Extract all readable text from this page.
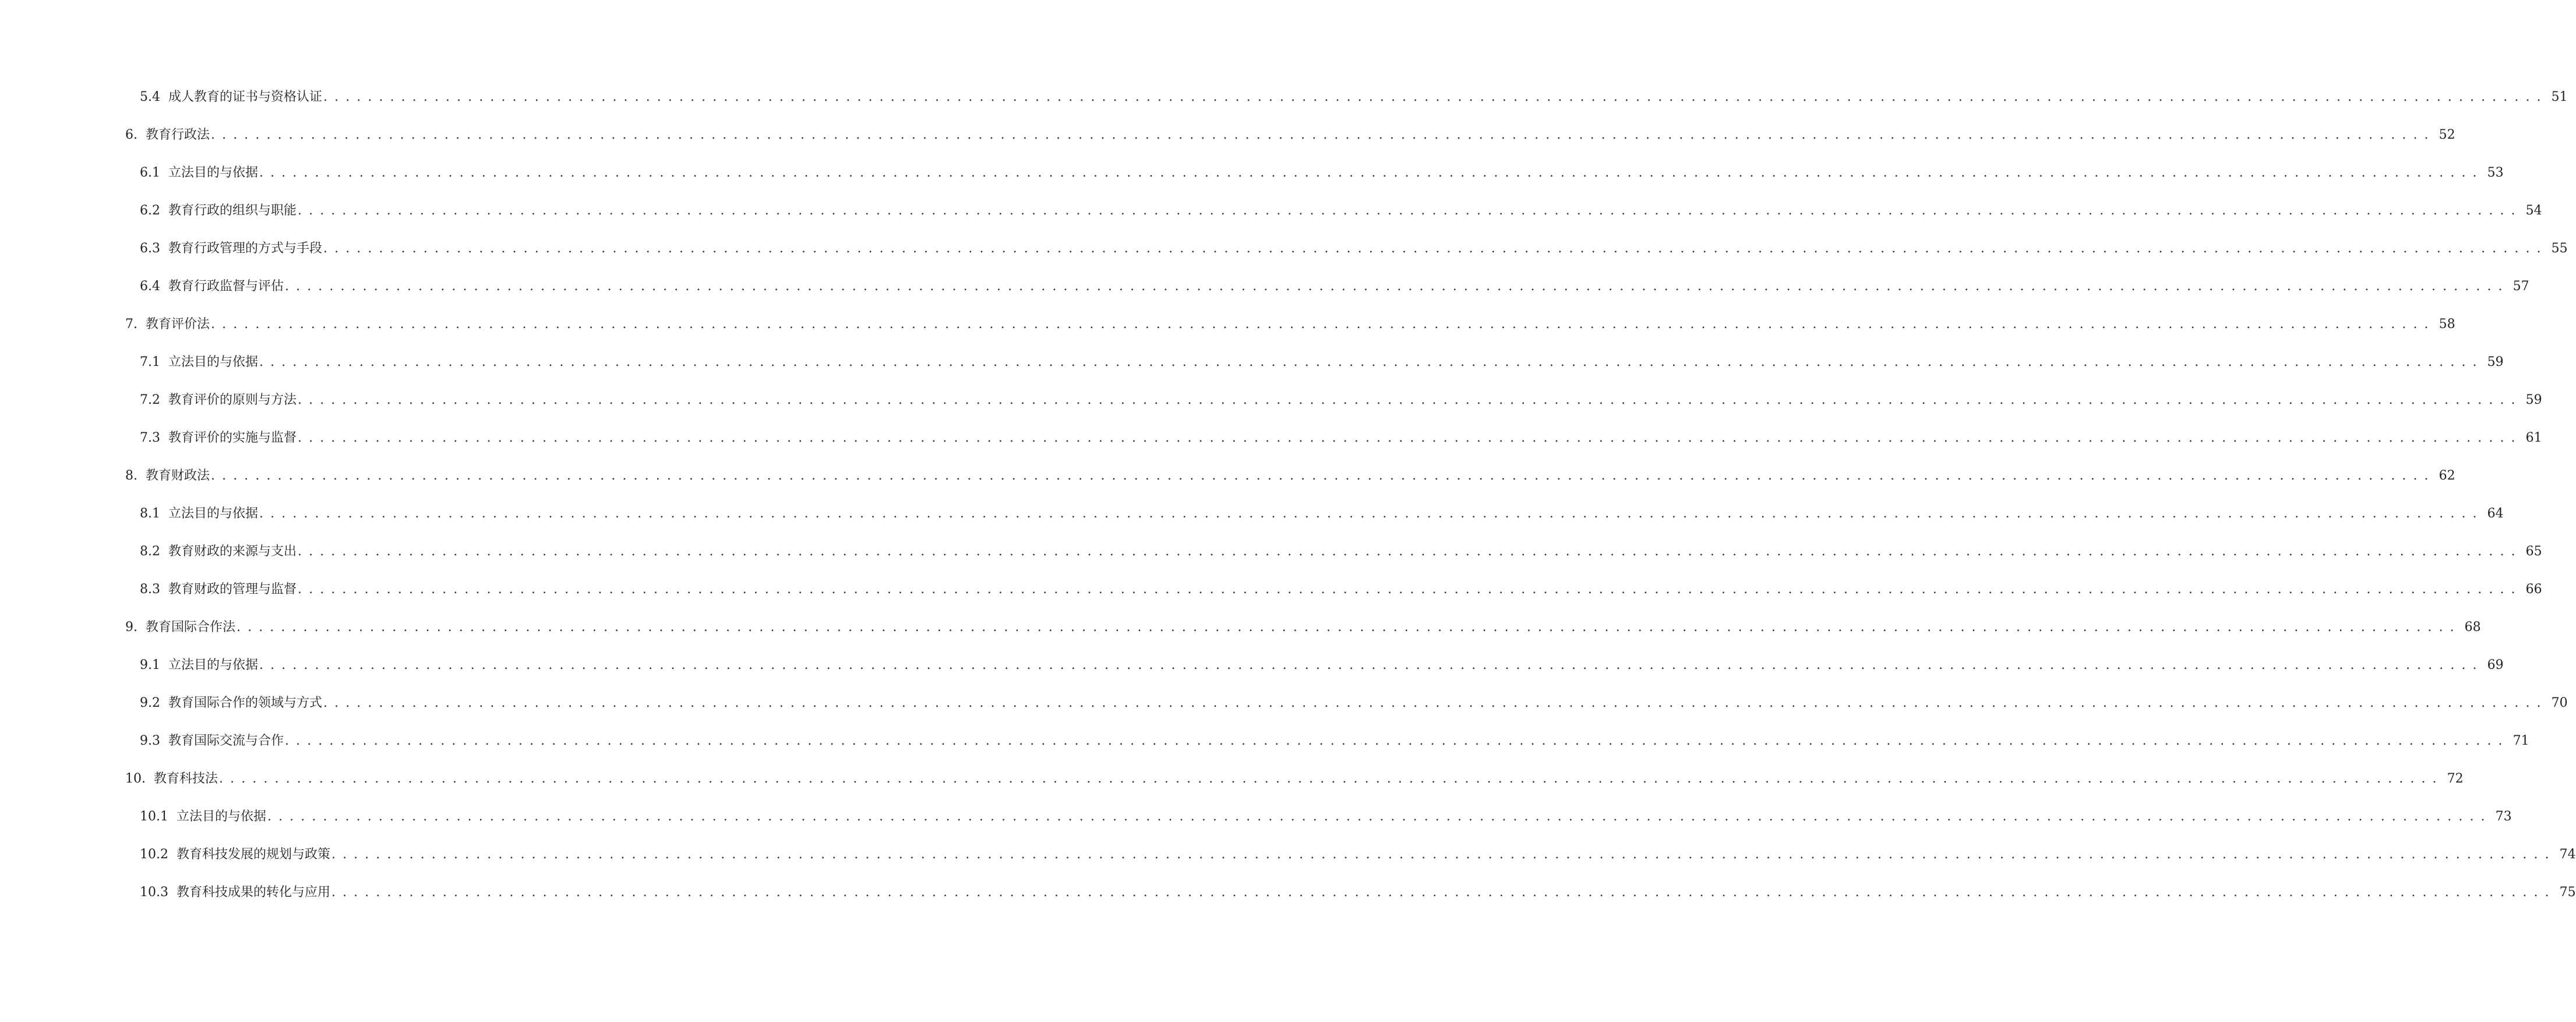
5.4 成人教育的证书与资格认证 ........................................................................................................................................................................................................ 51
6. 教育行政法 ........................................................................................................................................................................................................ 52
6.1 立法目的与依据 ........................................................................................................................................................................................................ 53
6.2 教育行政的组织与职能 ........................................................................................................................................................................................................ 54
6.3 教育行政管理的方式与手段 ........................................................................................................................................................................................................ 55
6.4 教育行政监督与评估 ........................................................................................................................................................................................................ 57
7. 教育评价法 ........................................................................................................................................................................................................ 58
7.1 立法目的与依据 ........................................................................................................................................................................................................ 59
7.2 教育评价的原则与方法 ........................................................................................................................................................................................................ 59
7.3 教育评价的实施与监督 ........................................................................................................................................................................................................ 61
8. 教育财政法 ........................................................................................................................................................................................................ 62
8.1 立法目的与依据 ........................................................................................................................................................................................................ 64
8.2 教育财政的来源与支出 ........................................................................................................................................................................................................ 65
8.3 教育财政的管理与监督 ........................................................................................................................................................................................................ 66
9. 教育国际合作法 ........................................................................................................................................................................................................ 68
9.1 立法目的与依据 ........................................................................................................................................................................................................ 69
9.2 教育国际合作的领域与方式 ........................................................................................................................................................................................................ 70
9.3 教育国际交流与合作 ........................................................................................................................................................................................................ 71
10. 教育科技法 ........................................................................................................................................................................................................ 72
10.1 立法目的与依据 ........................................................................................................................................................................................................ 73
10.2 教育科技发展的规划与政策 ........................................................................................................................................................................................................ 74
10.3 教育科技成果的转化与应用 ........................................................................................................................................................................................................ 75
